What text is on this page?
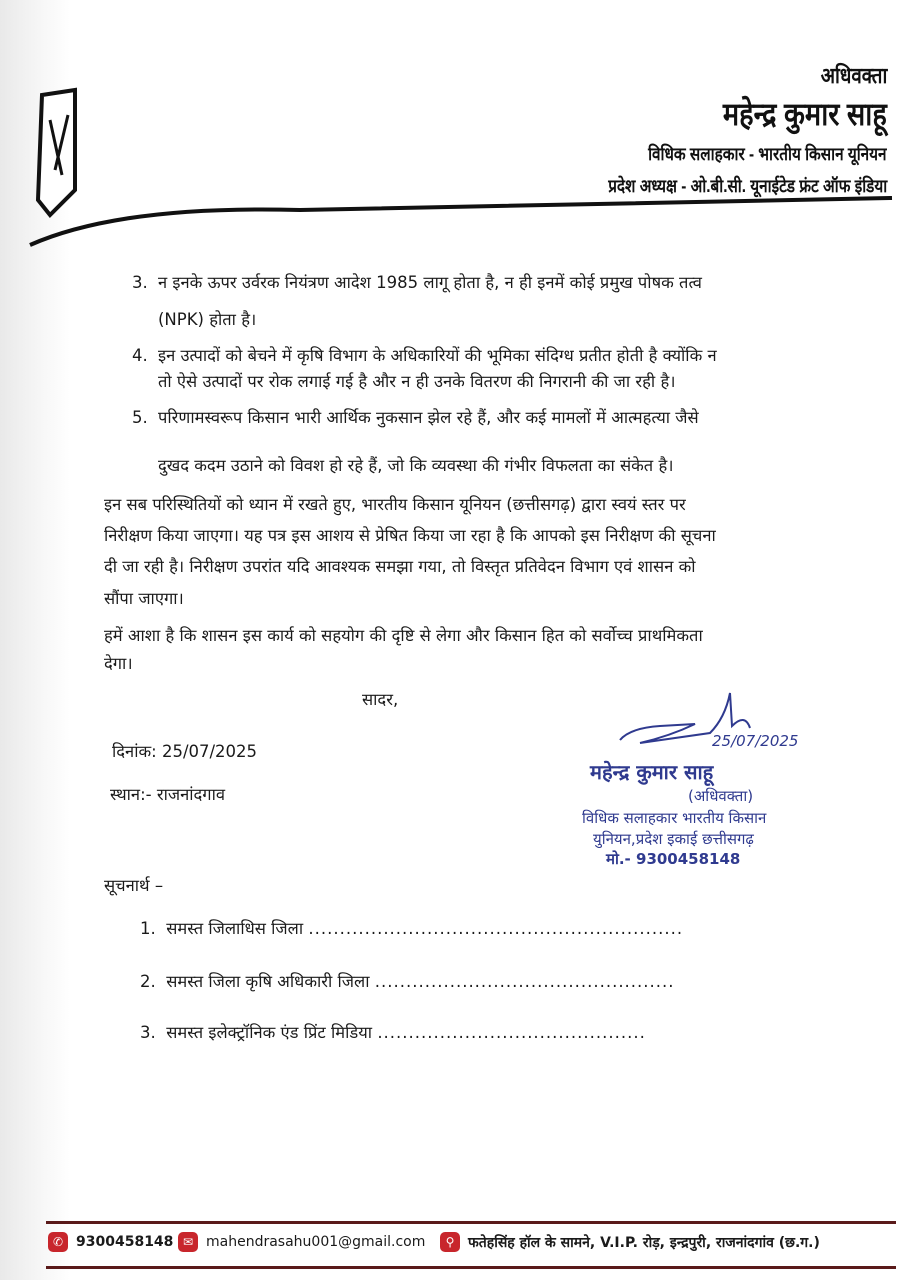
अधिवक्ता
महेन्द्र कुमार साहू
विधिक सलाहकार - भारतीय किसान यूनियन
प्रदेश अध्यक्ष - ओ.बी.सी. यूनाईटेड फ्रंट ऑफ इंडिया
3. न इनके ऊपर उर्वरक नियंत्रण आदेश 1985 लागू होता है, न ही इनमें कोई प्रमुख पोषक तत्व
(NPK) होता है।
4. इन उत्पादों को बेचने में कृषि विभाग के अधिकारियों की भूमिका संदिग्ध प्रतीत होती है क्योंकि न
तो ऐसे उत्पादों पर रोक लगाई गई है और न ही उनके वितरण की निगरानी की जा रही है।
5. परिणामस्वरूप किसान भारी आर्थिक नुकसान झेल रहे हैं, और कई मामलों में आत्महत्या जैसे
दुखद कदम उठाने को विवश हो रहे हैं, जो कि व्यवस्था की गंभीर विफलता का संकेत है।
इन सब परिस्थितियों को ध्यान में रखते हुए, भारतीय किसान यूनियन (छत्तीसगढ़) द्वारा स्वयं स्तर पर
निरीक्षण किया जाएगा। यह पत्र इस आशय से प्रेषित किया जा रहा है कि आपको इस निरीक्षण की सूचना
दी जा रही है। निरीक्षण उपरांत यदि आवश्यक समझा गया, तो विस्तृत प्रतिवेदन विभाग एवं शासन को
सौंपा जाएगा।
हमें आशा है कि शासन इस कार्य को सहयोग की दृष्टि से लेगा और किसान हित को सर्वोच्च प्राथमिकता
देगा।
सादर,
दिनांक: 25/07/2025
स्थान:- राजनांदगाव
25/07/2025
महेन्द्र कुमार साहू
(अधिवक्ता)
विधिक सलाहकार भारतीय किसान
युनियन,प्रदेश इकाई छत्तीसगढ़
मो.- 9300458148
सूचनार्थ –
1. समस्त जिलाधिस जिला ............................................................
2. समस्त जिला कृषि अधिकारी जिला ................................................
3. समस्त इलेक्ट्रॉनिक एंड प्रिंट मिडिया ...........................................
✆ 9300458148 ✉ mahendrasahu001@gmail.com	⚲ फतेहसिंह हॉल के सामने, V.I.P. रोड़, इन्द्रपुरी, राजनांदगांव (छ.ग.)
